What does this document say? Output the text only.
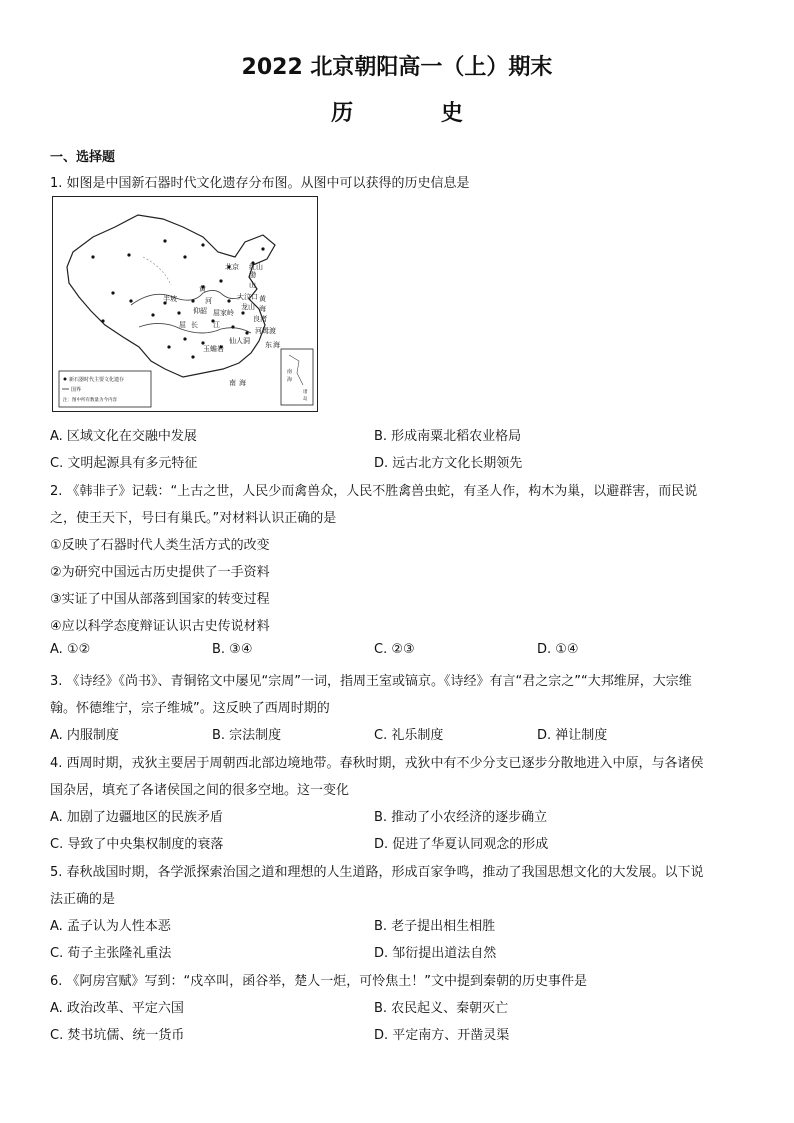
2022 北京朝阳高一（上）期末
历 史
一、选择题
1. 如图是中国新石器时代文化遗存分布图。从图中可以获得的历史信息是
北京 红山
黄
河
半坡
仰韶
大汶口
长 江
龙山
良渚
河姆渡
屈家岭
山
屈
玉蟾岩
仙人洞 东 海
黄
海
渤
南 海
新石器时代主要文化遗存
国界
注：图中所有数量为今内容
南
海
诸
岛
A. 区域文化在交融中发展	B. 形成南粟北稻农业格局
C. 文明起源具有多元特征	D. 远古北方文化长期领先
2. 《韩非子》记载：“上古之世，人民少而禽兽众，人民不胜禽兽虫蛇，有圣人作，构木为巢，以避群害，而民说
之，使王天下，号曰有巢氏。”对材料认识正确的是
①反映了石器时代人类生活方式的改变
②为研究中国远古历史提供了一手资料
③实证了中国从部落到国家的转变过程
④应以科学态度辩证认识古史传说材料
A. ①②	B. ③④	C. ②③	D. ①④
3. 《诗经》《尚书》、青铜铭文中屡见“宗周”一词，指周王室或镐京。《诗经》有言“君之宗之”“大邦维屏，大宗维
翰。怀德维宁，宗子维城”。这反映了西周时期的
A. 内服制度	B. 宗法制度	C. 礼乐制度	D. 禅让制度
4. 西周时期，戎狄主要居于周朝西北部边境地带。春秋时期，戎狄中有不少分支已逐步分散地进入中原，与各诸侯
国杂居，填充了各诸侯国之间的很多空地。这一变化
A. 加剧了边疆地区的民族矛盾	B. 推动了小农经济的逐步确立
C. 导致了中央集权制度的衰落	D. 促进了华夏认同观念的形成
5. 春秋战国时期，各学派探索治国之道和理想的人生道路，形成百家争鸣，推动了我国思想文化的大发展。以下说
法正确的是
A. 孟子认为人性本恶	B. 老子提出相生相胜
C. 荀子主张隆礼重法	D. 邹衍提出道法自然
6. 《阿房宫赋》写到：“戍卒叫，函谷举，楚人一炬，可怜焦土！”文中提到秦朝的历史事件是
A. 政治改革、平定六国	B. 农民起义、秦朝灭亡
C. 焚书坑儒、统一货币	D. 平定南方、开凿灵渠
